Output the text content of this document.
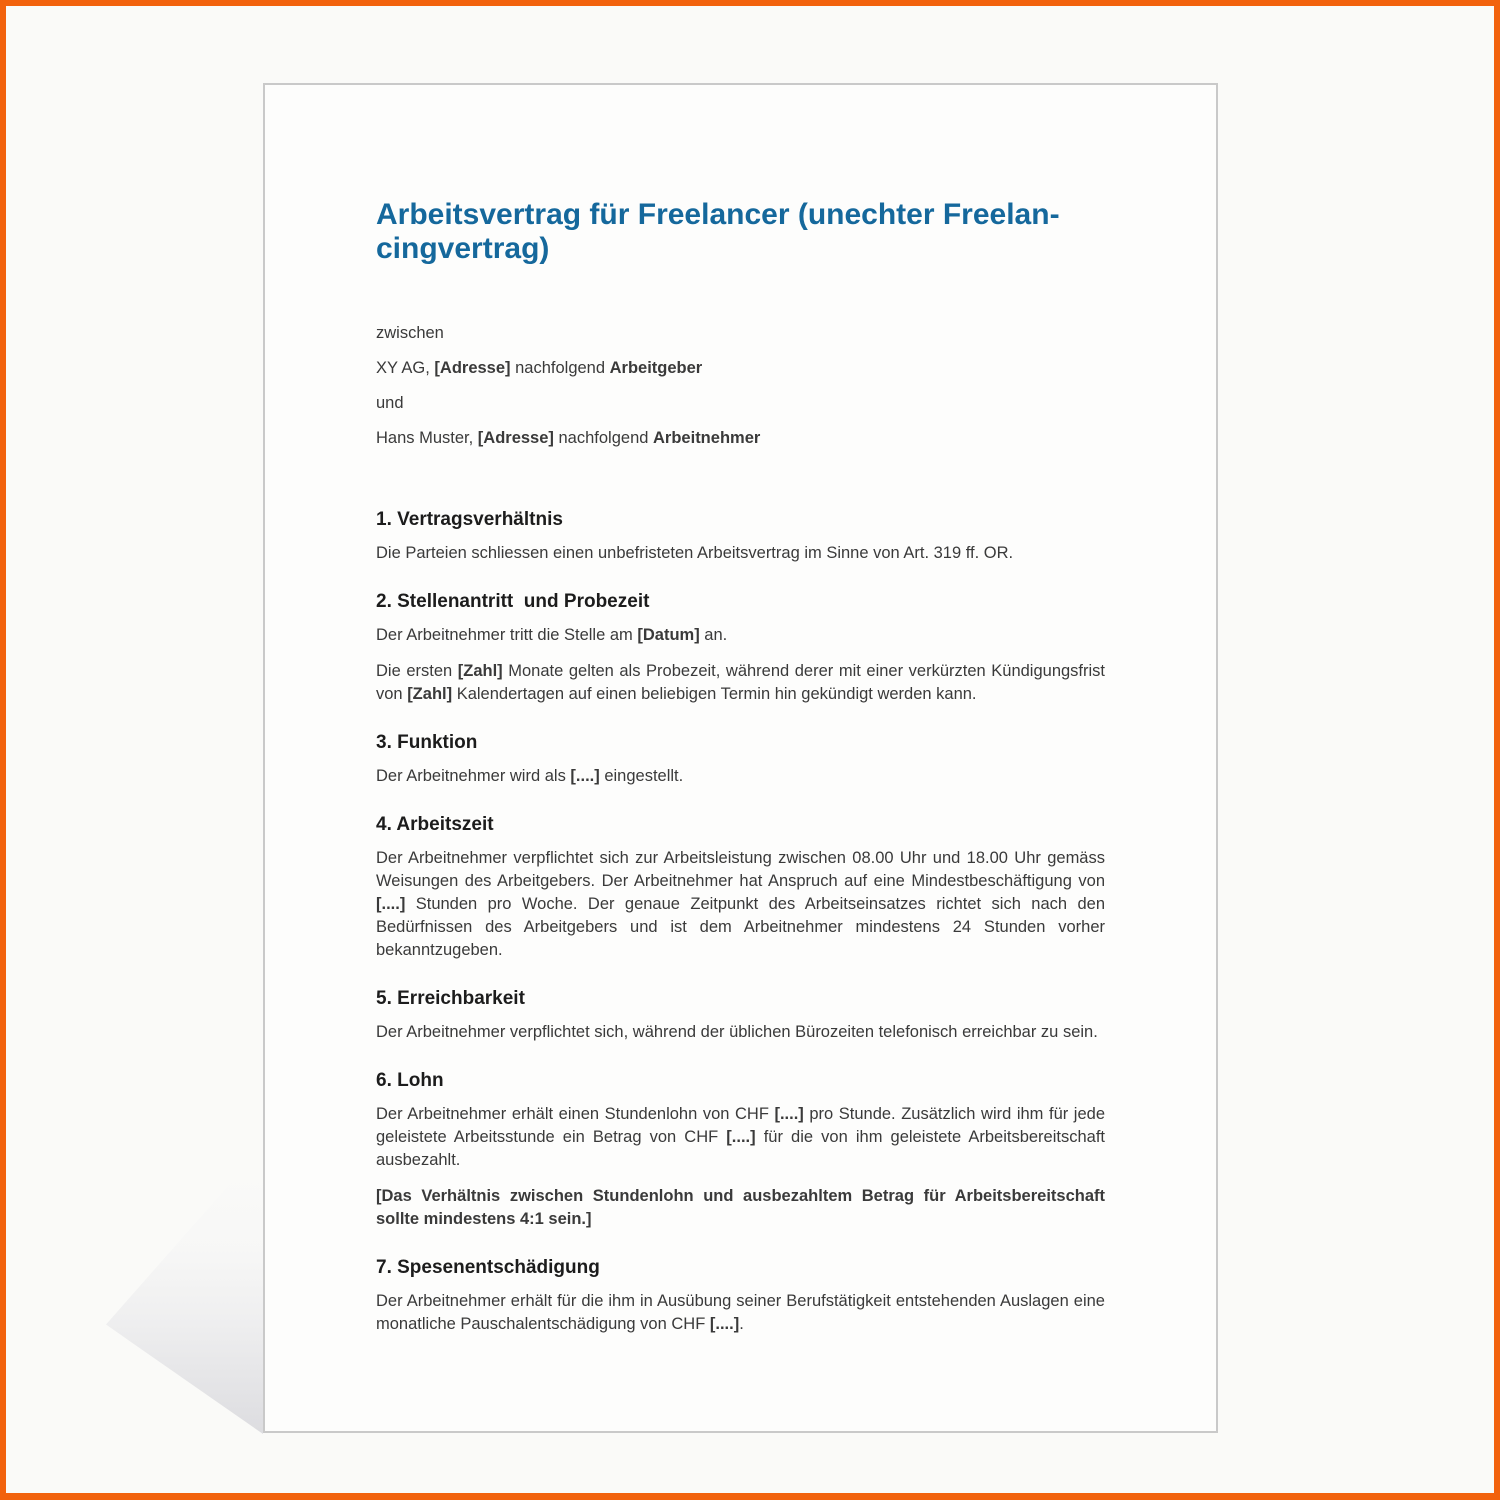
Arbeitsvertrag für Freelancer (unechter Freelan-
cingvertrag)

zwischen

XY AG, [Adresse] nachfolgend Arbeitgeber

und

Hans Muster, [Adresse] nachfolgend Arbeitnehmer

1. Vertragsverhältnis

Die Parteien schliessen einen unbefristeten Arbeitsvertrag im Sinne von Art. 319 ff. OR.

2. Stellenantritt  und Probezeit

Der Arbeitnehmer tritt die Stelle am [Datum] an.

Die ersten [Zahl] Monate gelten als Probezeit, während derer mit einer verkürzten Kündigungsfrist von [Zahl] Kalendertagen auf einen beliebigen Termin hin gekündigt werden kann.

3. Funktion

Der Arbeitnehmer wird als [....] eingestellt.

4. Arbeitszeit

Der Arbeitnehmer verpflichtet sich zur Arbeitsleistung zwischen 08.00 Uhr und 18.00 Uhr gemäss Weisungen des Arbeitgebers. Der Arbeitnehmer hat Anspruch auf eine Mindestbeschäftigung von [....] Stunden pro Woche. Der genaue Zeitpunkt des Arbeitseinsatzes richtet sich nach den Bedürfnissen des Arbeitgebers und ist dem Arbeitnehmer mindestens 24 Stunden vorher bekanntzugeben.

5. Erreichbarkeit

Der Arbeitnehmer verpflichtet sich, während der üblichen Bürozeiten telefonisch erreichbar zu sein.

6. Lohn

Der Arbeitnehmer erhält einen Stundenlohn von CHF [....] pro Stunde. Zusätzlich wird ihm für jede geleistete Arbeitsstunde ein Betrag von CHF [....] für die von ihm geleistete Arbeitsbereitschaft ausbezahlt.

[Das Verhältnis zwischen Stundenlohn und ausbezahltem Betrag für Arbeitsbereitschaft sollte mindestens 4:1 sein.]

7. Spesenentschädigung

Der Arbeitnehmer erhält für die ihm in Ausübung seiner Berufstätigkeit entstehenden Auslagen eine monatliche Pauschalentschädigung von CHF [....].
